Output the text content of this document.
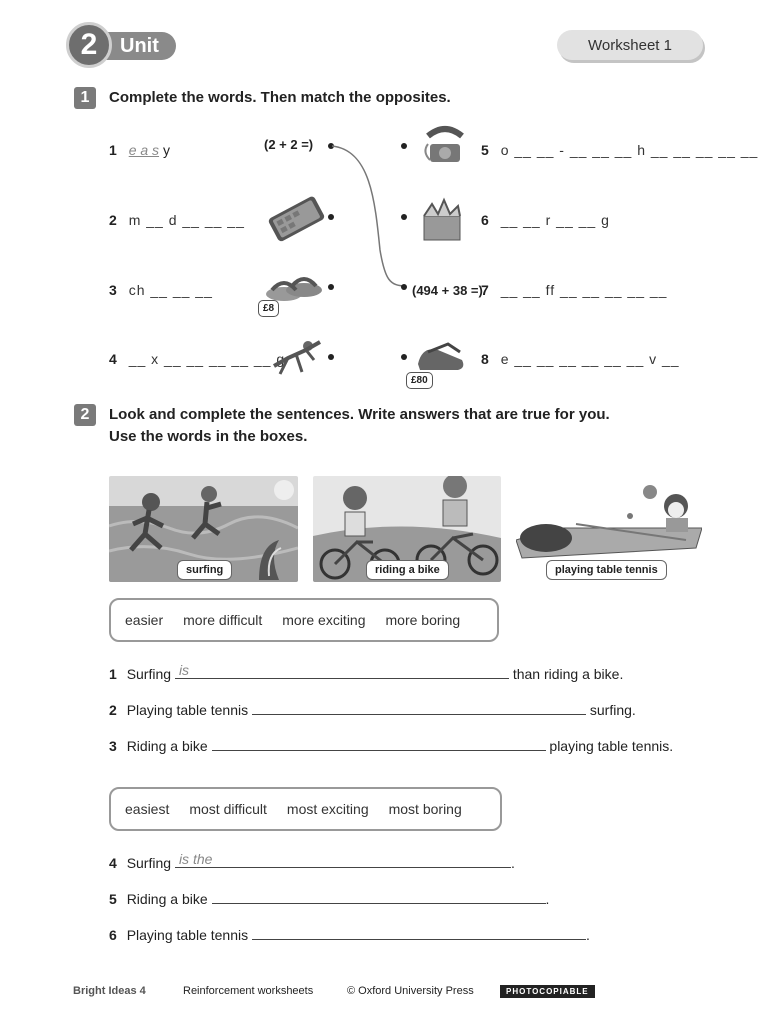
2	Unit	Worksheet 1
1	Complete the words. Then match the opposites.
1 e a s y
2 m __ d __ __ __
3 ch __ __ __
4 __ x __ __ __ __ __ g
(2 + 2 =)
£8
(494 + 38 =)
£80
5 o __ __ - __ __ __ h __ __ __ __ __
6 __ __ r __ __ g
7 __ __ ff __ __ __ __ __
8 e __ __ __ __ __ __ v __
2	Look and complete the sentences. Write answers that are true for you.
Use the words in the boxes.
surfing	riding a bike	playing table tennis
easier more difficult more exciting more boring
1 Surfing is	than riding a bike.
2 Playing table tennis	surfing.
3 Riding a bike	playing table tennis.
easiest most difficult most exciting most boring
4 Surfing is the	.
5 Riding a bike	.
6 Playing table tennis	.
Bright Ideas 4	Reinforcement worksheets	© Oxford University Press	PHOTOCOPIABLE
